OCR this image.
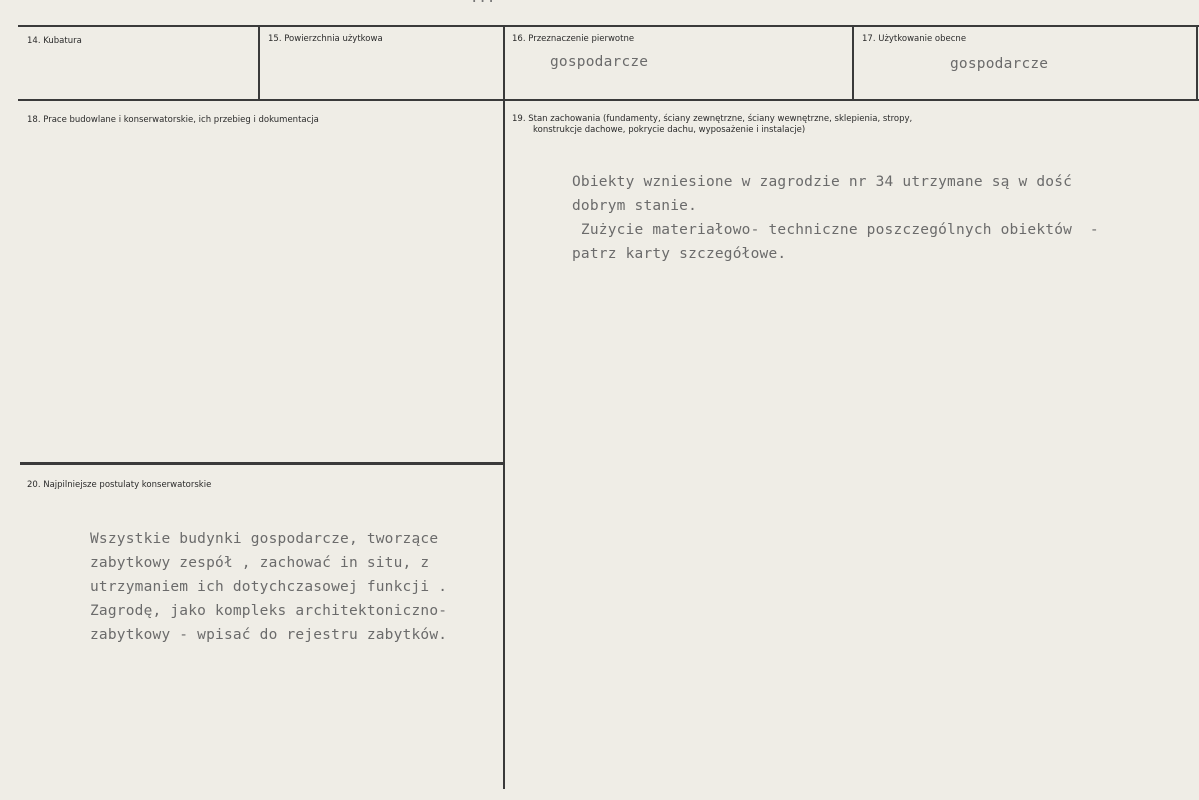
14. Kubatura	15. Powierzchnia użytkowa	16. Przeznaczenie pierwotne
gospodarcze
17. Użytkowanie obecne
gospodarcze
18. Prace budowlane i konserwatorskie, ich przebieg i dokumentacja	19. Stan zachowania (fundamenty, ściany zewnętrzne, ściany wewnętrzne, sklepienia, stropy,
konstrukcje dachowe, pokrycie dachu, wyposażenie i instalacje)
Obiekty wzniesione w zagrodzie nr 34 utrzymane są w dość
dobrym stanie.
Zużycie materiałowo- techniczne poszczególnych obiektów  -
patrz karty szczegółowe.
20. Najpilniejsze postulaty konserwatorskie
Wszystkie budynki gospodarcze, tworzące
zabytkowy zespół , zachować in situ, z
utrzymaniem ich dotychczasowej funkcji .
Zagrodę, jako kompleks architektoniczno-
zabytkowy - wpisać do rejestru zabytków.
